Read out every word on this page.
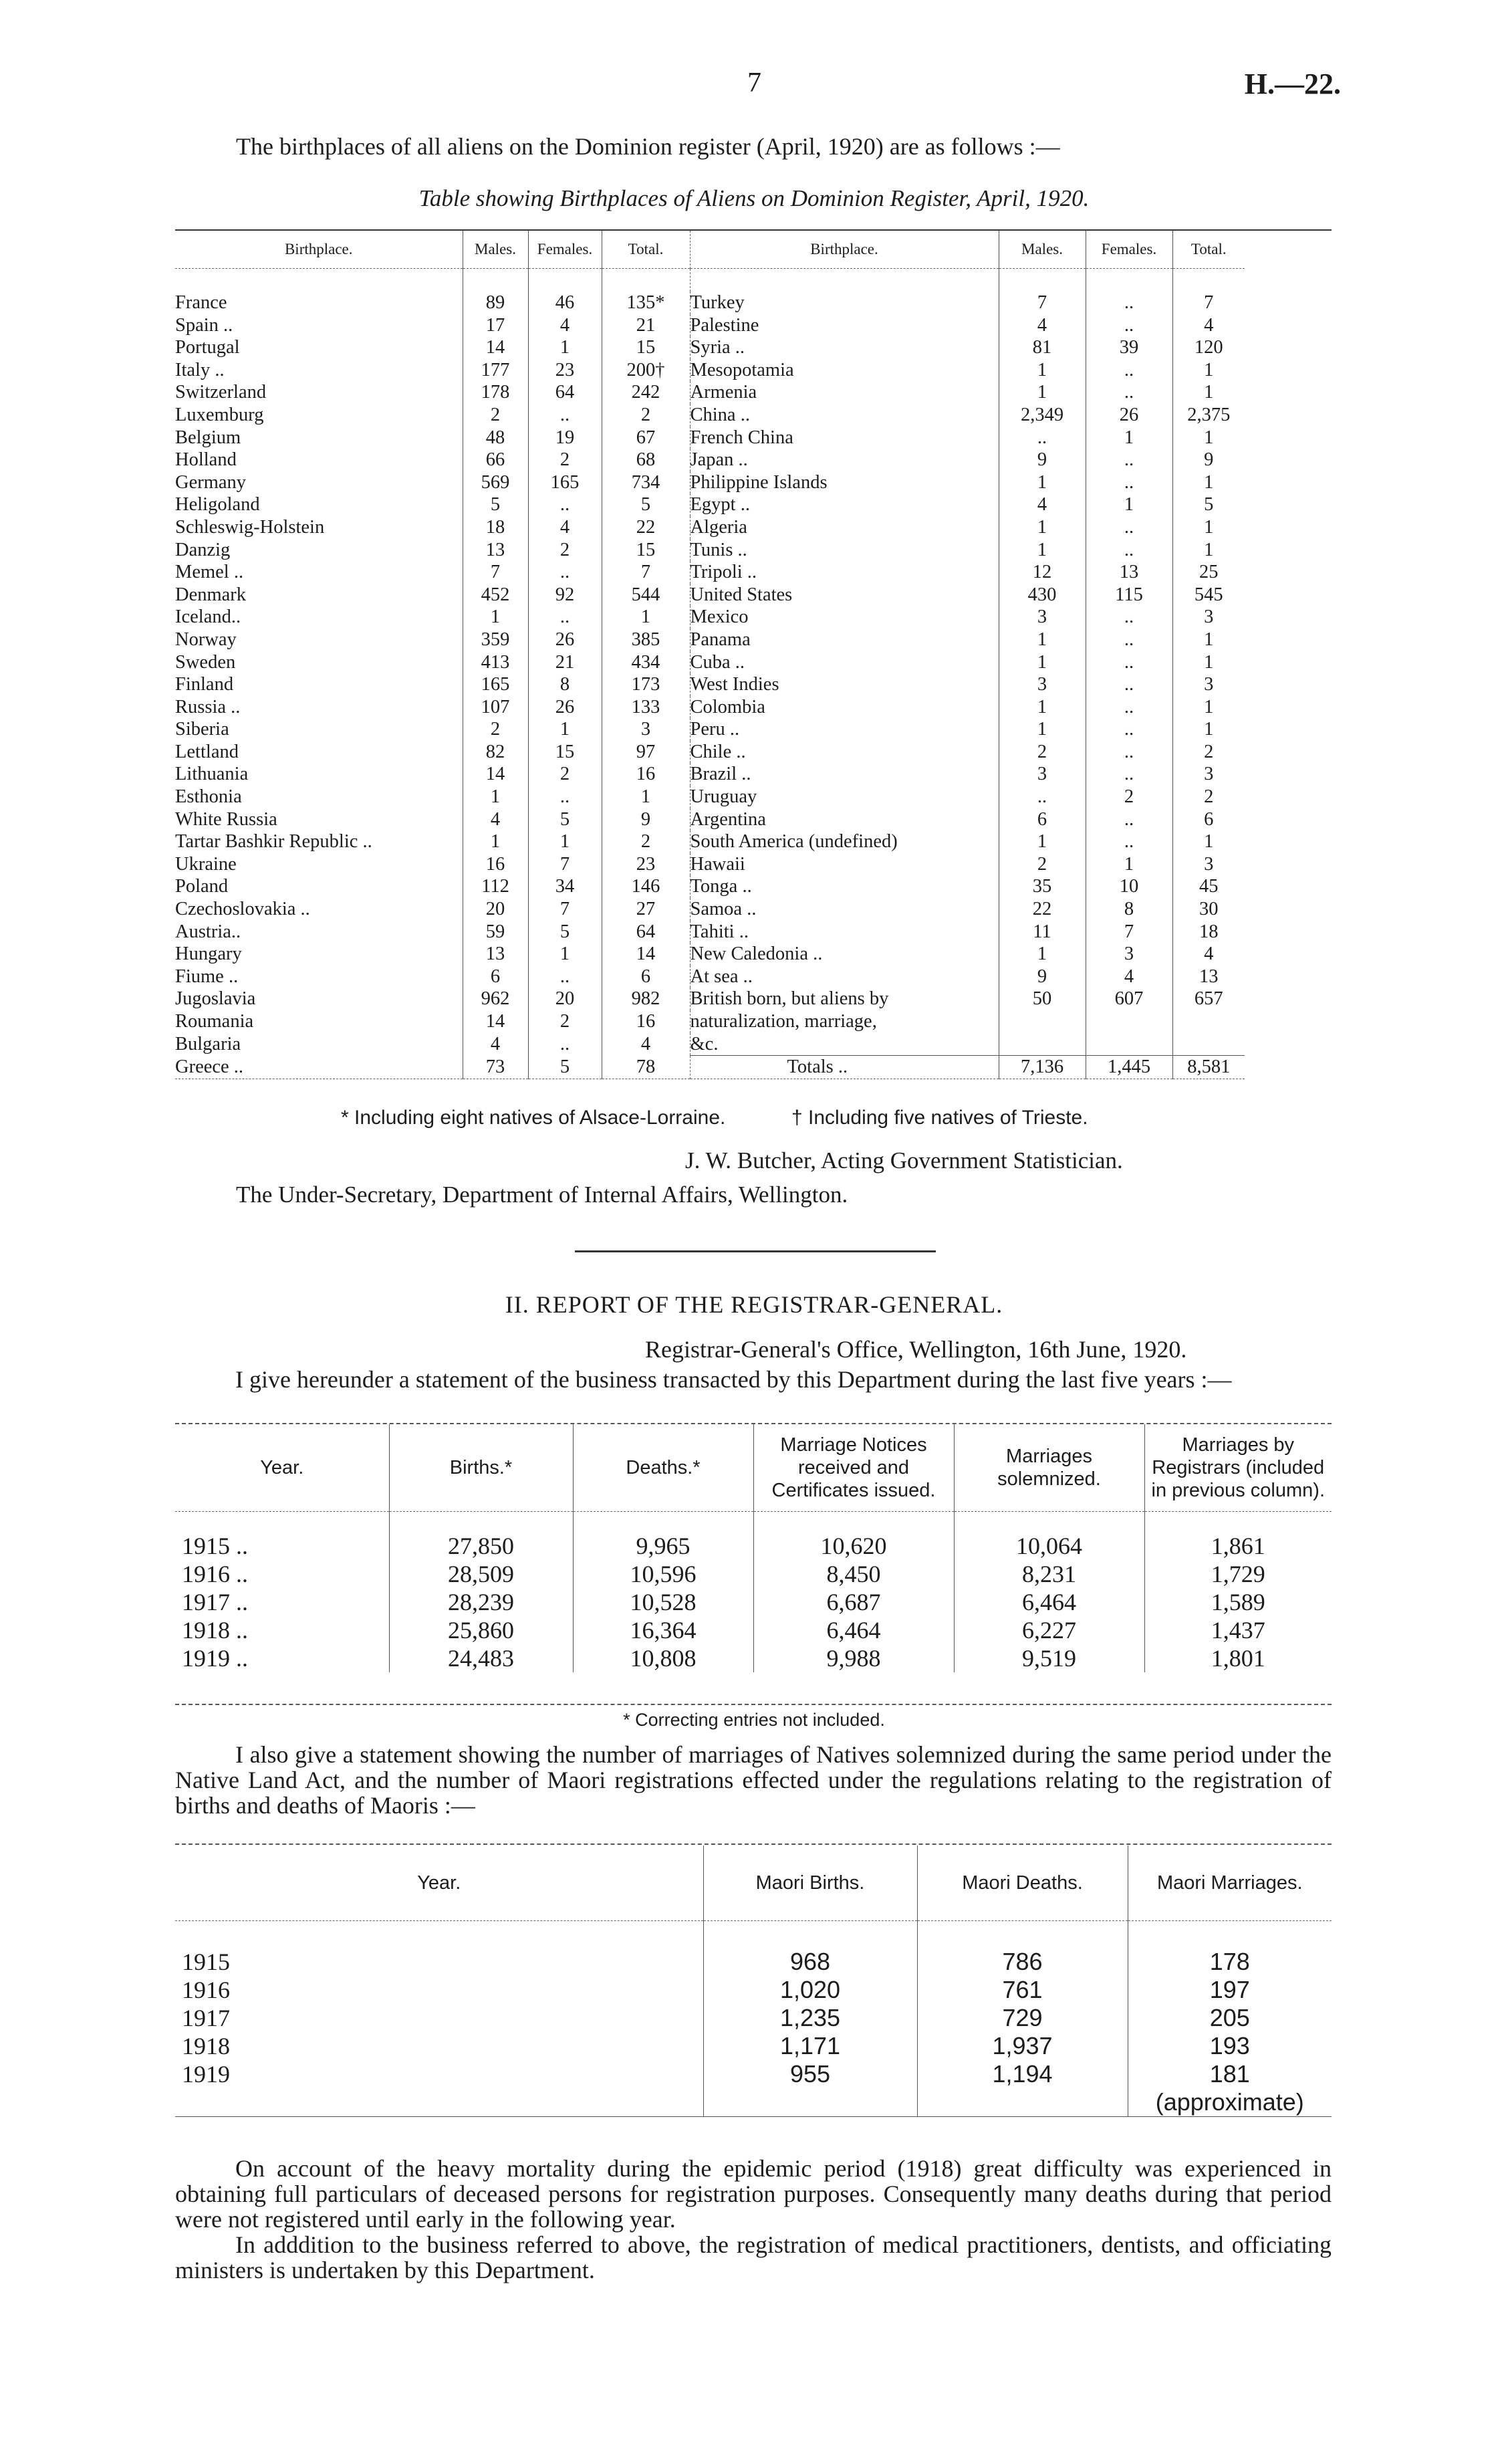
7	H.—22.
The birthplaces of all aliens on the Dominion register (April, 1920) are as follows :—
Table showing Birthplaces of Aliens on Dominion Register, April, 1920.
Birthplace.	Males.	Females.	Total.	Birthplace.	Males.	Females.	Total.

France	89	46	135*	Turkey	7	..	7
Spain ..	17	4	21	Palestine	4	..	4
Portugal	14	1	15	Syria ..	81	39	120
Italy ..	177	23	200†	Mesopotamia	1	..	1
Switzerland	178	64	242	Armenia	1	..	1
Luxemburg	2	..	2	China ..	2,349	26	2,375
Belgium	48	19	67	French China	..	1	1
Holland	66	2	68	Japan ..	9	..	9
Germany	569	165	734	Philippine Islands	1	..	1
Heligoland	5	..	5	Egypt ..	4	1	5
Schleswig-Holstein	18	4	22	Algeria	1	..	1
Danzig	13	2	15	Tunis ..	1	..	1
Memel ..	7	..	7	Tripoli ..	12	13	25
Denmark	452	92	544	United States	430	115	545
Iceland..	1	..	1	Mexico	3	..	3
Norway	359	26	385	Panama	1	..	1
Sweden	413	21	434	Cuba ..	1	..	1
Finland	165	8	173	West Indies	3	..	3
Russia ..	107	26	133	Colombia	1	..	1
Siberia	2	1	3	Peru ..	1	..	1
Lettland	82	15	97	Chile ..	2	..	2
Lithuania	14	2	16	Brazil ..	3	..	3
Esthonia	1	..	1	Uruguay	..	2	2
White Russia	4	5	9	Argentina	6	..	6
Tartar Bashkir Republic ..	1	1	2	South America (undefined)	1	..	1
Ukraine	16	7	23	Hawaii	2	1	3
Poland	112	34	146	Tonga ..	35	10	45
Czechoslovakia ..	20	7	27	Samoa ..	22	8	30
Austria..	59	5	64	Tahiti ..	11	7	18
Hungary	13	1	14	New Caledonia ..	1	3	4
Fiume ..	6	..	6	At sea ..	9	4	13
Jugoslavia	962	20	982	British born, but aliens by	50	607	657
Roumania	14	2	16	naturalization, marriage,			
Bulgaria	4	..	4	&c.			
Greece ..	73	5	78	Totals ..	7,136	1,445	8,581
* Including eight natives of Alsace-Lorraine.	† Including five natives of Trieste.
J. W. Butcher, Acting Government Statistician.
The Under-Secretary, Department of Internal Affairs, Wellington.
II. REPORT OF THE REGISTRAR-GENERAL.
Registrar-General's Office, Wellington, 16th June, 1920.
I give hereunder a statement of the business transacted by this Department during the last five years :—
Year.	Births.*	Deaths.*	Marriage Notices received and Certificates issued.	Marriages solemnized.	Marriages by Registrars (included in previous column).

1915 ..	27,850	9,965	10,620	10,064	1,861
1916 ..	28,509	10,596	8,450	8,231	1,729
1917 ..	28,239	10,528	6,687	6,464	1,589
1918 ..	25,860	16,364	6,464	6,227	1,437
1919 ..	24,483	10,808	9,988	9,519	1,801
* Correcting entries not included.
I also give a statement showing the number of marriages of Natives solemnized during the same period under the Native Land Act, and the number of Maori registrations effected under the regulations relating to the registration of births and deaths of Maoris :—
Year.	Maori Births.	Maori Deaths.	Maori Marriages.

1915	968	786	178
1916	1,020	761	197
1917	1,235	729	205
1918	1,171	1,937	193
1919	955	1,194	181
			(approximate)
On account of the heavy mortality during the epidemic period (1918) great difficulty was experienced in obtaining full particulars of deceased persons for registration purposes. Consequently many deaths during that period were not registered until early in the following year.
In adddition to the business referred to above, the registration of medical practitioners, dentists, and officiating ministers is undertaken by this Department.
